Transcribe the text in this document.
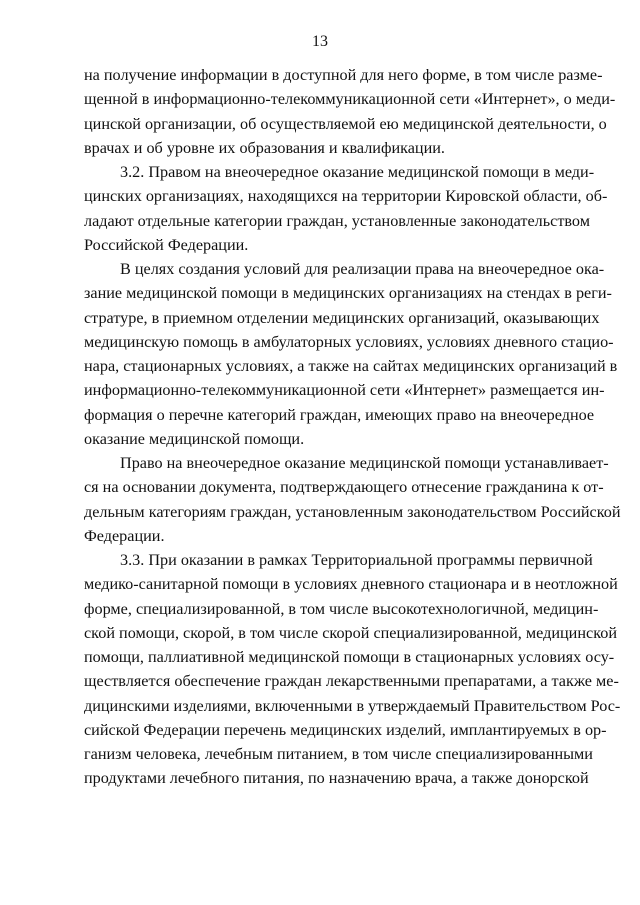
13
на получение информации в доступной для него форме, в том числе разме-
щенной в информационно-телекоммуникационной сети «Интернет», о меди-
цинской организации, об осуществляемой ею медицинской деятельности, о
врачах и об уровне их образования и квалификации.
3.2. Правом на внеочередное оказание медицинской помощи в меди-
цинских организациях, находящихся на территории Кировской области, об-
ладают отдельные категории граждан, установленные законодательством
Российской Федерации.
В целях создания условий для реализации права на внеочередное ока-
зание медицинской помощи в медицинских организациях на стендах в реги-
стратуре, в приемном отделении медицинских организаций, оказывающих
медицинскую помощь в амбулаторных условиях, условиях дневного стацио-
нара, стационарных условиях, а также на сайтах медицинских организаций в
информационно-телекоммуникационной сети «Интернет» размещается ин-
формация о перечне категорий граждан, имеющих право на внеочередное
оказание медицинской помощи.
Право на внеочередное оказание медицинской помощи устанавливает-
ся на основании документа, подтверждающего отнесение гражданина к от-
дельным категориям граждан, установленным законодательством Российской
Федерации.
3.3. При оказании в рамках Территориальной программы первичной
медико-санитарной помощи в условиях дневного стационара и в неотложной
форме, специализированной, в том числе высокотехнологичной, медицин-
ской помощи, скорой, в том числе скорой специализированной, медицинской
помощи, паллиативной медицинской помощи в стационарных условиях осу-
ществляется обеспечение граждан лекарственными препаратами, а также ме-
дицинскими изделиями, включенными в утверждаемый Правительством Рос-
сийской Федерации перечень медицинских изделий, имплантируемых в ор-
ганизм человека, лечебным питанием, в том числе специализированными
продуктами лечебного питания, по назначению врача, а также донорской
